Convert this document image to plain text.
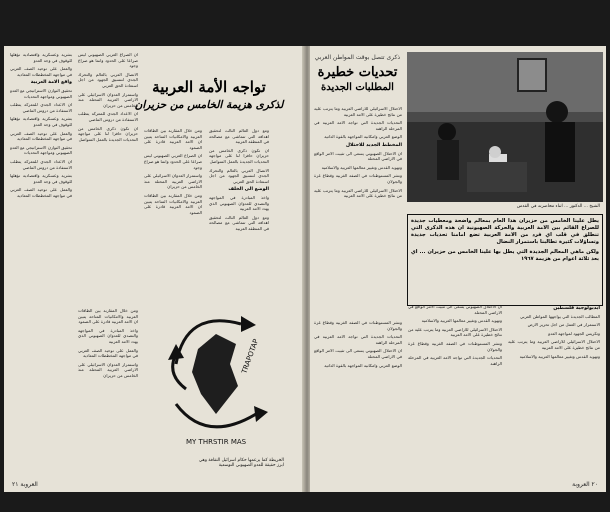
تواجه الأمة العربية
لذكرى هزيمة الخامس من حزيران

ومع دول العالم الثالث لتحقيق اهدافه التي تتماشى مع مصالحه في المنطقة العربية

ان تكون ذكرى الخامس من حزيران حافزا لنا على مواجهة التحديات الجديدة بالعمل المتواصل

الاتصال العربي بالعالم والتحرك الجدي لتنسيق الجهود من اجل استعادة الحق العربي

الوضع الى الخلف

واخذ المبادرة في المواجهة والتصدي للعدوان الصهيوني الذي يهدد الامة العربية

ومع دول العالم الثالث لتحقيق اهدافه التي تتماشى مع مصالحه في المنطقة العربية

ومن خلال المقارنة بين الطاقات العربية والامكانيات المتاحة يتبين ان الامة العربية قادرة على الصمود

ان الصراع العربي الصهيوني ليس صراعا على الحدود وانما هو صراع وجود

واستمرار العدوان الاسرائيلي على الاراضي العربية المحتلة منذ الخامس من حزيران

ومن خلال المقارنة بين الطاقات العربية والامكانيات المتاحة يتبين ان الامة العربية قادرة على الصمود

بشرية وعسكرية واقتصادية تؤهلها للوقوف في وجه العدو

والعمل على توحيد الصف العربي في مواجهة المخططات المعادية

واقع الامة العربية

تحقيق التوازن الاستراتيجي مع العدو الصهيوني ومواجهة التحديات

ان الاعداد الجدي للمعركة يتطلب الاستفادة من دروس الماضي

بشرية وعسكرية واقتصادية تؤهلها للوقوف في وجه العدو

والعمل على توحيد الصف العربي في مواجهة المخططات المعادية

تحقيق التوازن الاستراتيجي مع العدو الصهيوني ومواجهة التحديات

ان الاعداد الجدي للمعركة يتطلب الاستفادة من دروس الماضي

بشرية وعسكرية واقتصادية تؤهلها للوقوف في وجه العدو

والعمل على توحيد الصف العربي في مواجهة المخططات المعادية

ان الصراع العربي الصهيوني ليس صراعا على الحدود وانما هو صراع وجود

الاتصال العربي بالعالم والتحرك الجدي لتنسيق الجهود من اجل استعادة الحق العربي

واستمرار العدوان الاسرائيلي على الاراضي العربية المحتلة منذ الخامس من حزيران

ان الاعداد الجدي للمعركة يتطلب الاستفادة من دروس الماضي

ان تكون ذكرى الخامس من حزيران حافزا لنا على مواجهة التحديات الجديدة بالعمل المتواصل

TRAPOTAP
MY THRSTIR MAS
الخريطة كما يزعمها حكام اسرائيل الثقافة وهي
ابرز حقيقة للعدو الصهيوني التوسعية

ومن خلال المقارنة بين الطاقات العربية والامكانيات المتاحة يتبين ان الامة العربية قادرة على الصمود

واخذ المبادرة في المواجهة والتصدي للعدوان الصهيوني الذي يهدد الامة العربية

والعمل على توحيد الصف العربي في مواجهة المخططات المعادية

واستمرار العدوان الاسرائيلي على الاراضي العربية المحتلة منذ الخامس من حزيران

العروبة ٢١
ذكرى تتصل بوقت المواطن العربي
تحديات خطيرة
المطلبات الجديدة
الشيخ ... الدكتور ... اثناء محاضرته في القدس
يطل علينا الخامس من حزيران هذا العام بمعالم واضحة ومعطيات جديدة للصراع القائم بين الامة العربية والحركة الصهيونية ان هذه الذكرى التي تنطلق في قلب اي فرد من الامة العربية تضع امامنا تحديات جديدة وتساؤلات كثيرة تطالبنا باستمرار النضال
ولكن ماهي المعالم الجديدة التي يطل بها علينا الخامس من حزيران ... اي بعد ثلاثة اعوام من هزيمة ١٩٦٧

الاحتلال الاسرائيلي للاراضي العربية وما يترتب عليه من نتائج خطيرة على الامة العربية

التحديات الجديدة التي تواجه الامة العربية في المرحلة الراهنة

الوضع العربي وامكانية المواجهة بالقوة الذاتية

المخطط الجديد للاحتلال

ان الاحتلال الصهيوني يسعى الى تثبيت الامر الواقع في الاراضي المحتلة

وتهويد القدس وتغيير معالمها العربية والاسلامية

ونشر المستوطنات في الضفة الغربية وقطاع غزة والجولان

الاحتلال الاسرائيلي للاراضي العربية وما يترتب عليه من نتائج خطيرة على الامة العربية

ونشر المستوطنات في الضفة الغربية وقطاع غزة والجولان

التحديات الجديدة التي تواجه الامة العربية في المرحلة الراهنة

ان الاحتلال الصهيوني يسعى الى تثبيت الامر الواقع في الاراضي المحتلة

الوضع العربي وامكانية المواجهة بالقوة الذاتية

ان الاحتلال الصهيوني يسعى الى تثبيت الامر الواقع في الاراضي المحتلة

وتهويد القدس وتغيير معالمها العربية والاسلامية

الاحتلال الاسرائيلي للاراضي العربية وما يترتب عليه من نتائج خطيرة على الامة العربية

ونشر المستوطنات في الضفة الغربية وقطاع غزة والجولان

التحديات الجديدة التي تواجه الامة العربية في المرحلة الراهنة

ايديولوجية فلسطين

المطالب الجديدة التي يواجهها المواطن العربي

الاستمرار في العمل من اجل تحرير الارض

وتكريس الجهود لمواجهة العدو

الاحتلال الاسرائيلي للاراضي العربية وما يترتب عليه من نتائج خطيرة على الامة العربية

وتهويد القدس وتغيير معالمها العربية والاسلامية

٢٠ العروبة
